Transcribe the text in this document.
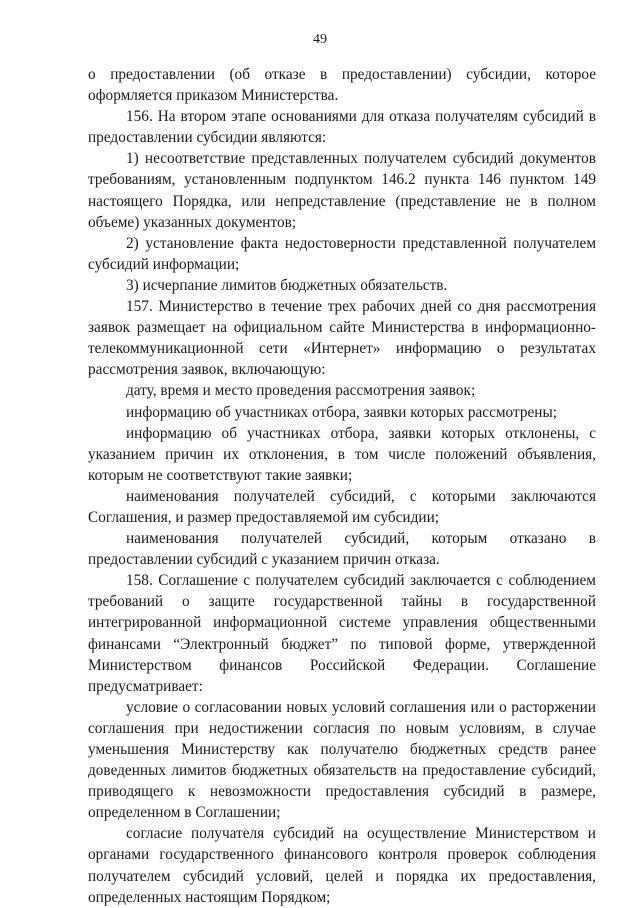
49

о предоставлении (об отказе в предоставлении) субсидии, которое оформляется приказом Министерства.

156. На втором этапе основаниями для отказа получателям субсидий в предоставлении субсидии являются:

1) несоответствие представленных получателем субсидий документов требованиям, установленным подпунктом 146.2 пункта 146 пунктом 149 настоящего Порядка, или непредставление (представление не в полном объеме) указанных документов;

2) установление факта недостоверности представленной получателем субсидий информации;

3) исчерпание лимитов бюджетных обязательств.

157. Министерство в течение трех рабочих дней со дня рассмотрения заявок размещает на официальном сайте Министерства в информационно-телекоммуникационной сети «Интернет» информацию о результатах рассмотрения заявок, включающую:

дату, время и место проведения рассмотрения заявок;

информацию об участниках отбора, заявки которых рассмотрены;

информацию об участниках отбора, заявки которых отклонены, с указанием причин их отклонения, в том числе положений объявления, которым не соответствуют такие заявки;

наименования получателей субсидий, с которыми заключаются Соглашения, и размер предоставляемой им субсидии;

наименования получателей субсидий, которым отказано в предоставлении субсидий с указанием причин отказа.

158. Соглашение с получателем субсидий заключается с соблюдением требований о защите государственной тайны в государственной интегрированной информационной системе управления общественными финансами “Электронный бюджет” по типовой форме, утвержденной Министерством финансов Российской Федерации. Соглашение предусматривает:

условие о согласовании новых условий соглашения или о расторжении соглашения при недостижении согласия по новым условиям, в случае уменьшения Министерству как получателю бюджетных средств ранее доведенных лимитов бюджетных обязательств на предоставление субсидий, приводящего к невозможности предоставления субсидий в размере, определенном в Соглашении;

согласие получателя субсидий на осуществление Министерством и органами государственного финансового контроля проверок соблюдения получателем субсидий условий, целей и порядка их предоставления, определенных настоящим Порядком;
